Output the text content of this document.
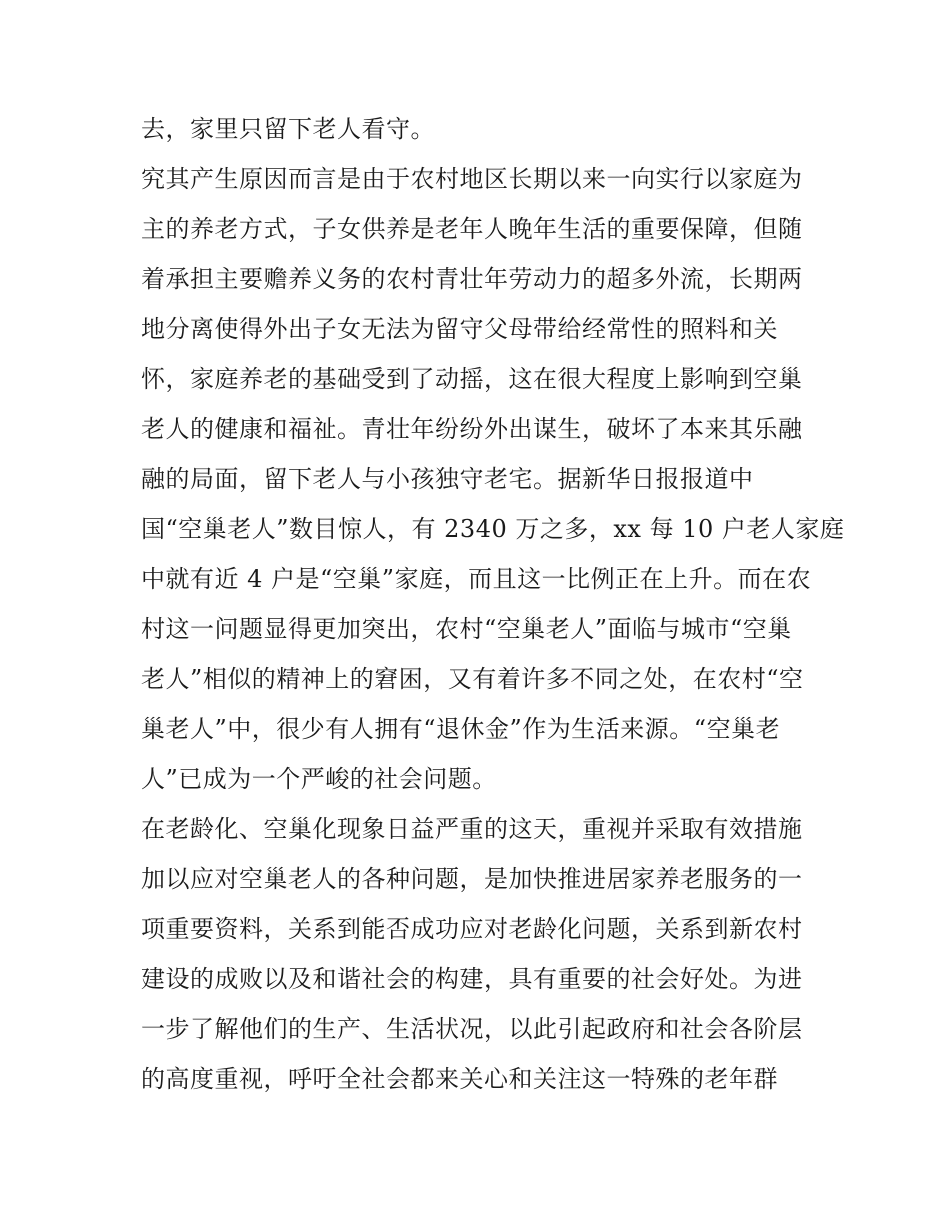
去，家里只留下老人看守。
究其产生原因而言是由于农村地区长期以来一向实行以家庭为
主的养老方式，子女供养是老年人晚年生活的重要保障，但随
着承担主要赡养义务的农村青壮年劳动力的超多外流，长期两
地分离使得外出子女无法为留守父母带给经常性的照料和关
怀，家庭养老的基础受到了动摇，这在很大程度上影响到空巢
老人的健康和福祉。青壮年纷纷外出谋生，破坏了本来其乐融
融的局面，留下老人与小孩独守老宅。据新华日报报道中
国“空巢老人”数目惊人，有 2340 万之多，xx 每 10 户老人家庭
中就有近 4 户是“空巢”家庭，而且这一比例正在上升。而在农
村这一问题显得更加突出，农村“空巢老人”面临与城市“空巢
老人”相似的精神上的窘困，又有着许多不同之处，在农村“空
巢老人”中，很少有人拥有“退休金”作为生活来源。“空巢老
人”已成为一个严峻的社会问题。
在老龄化、空巢化现象日益严重的这天，重视并采取有效措施
加以应对空巢老人的各种问题，是加快推进居家养老服务的一
项重要资料，关系到能否成功应对老龄化问题，关系到新农村
建设的成败以及和谐社会的构建，具有重要的社会好处。为进
一步了解他们的生产、生活状况，以此引起政府和社会各阶层
的高度重视，呼吁全社会都来关心和关注这一特殊的老年群
